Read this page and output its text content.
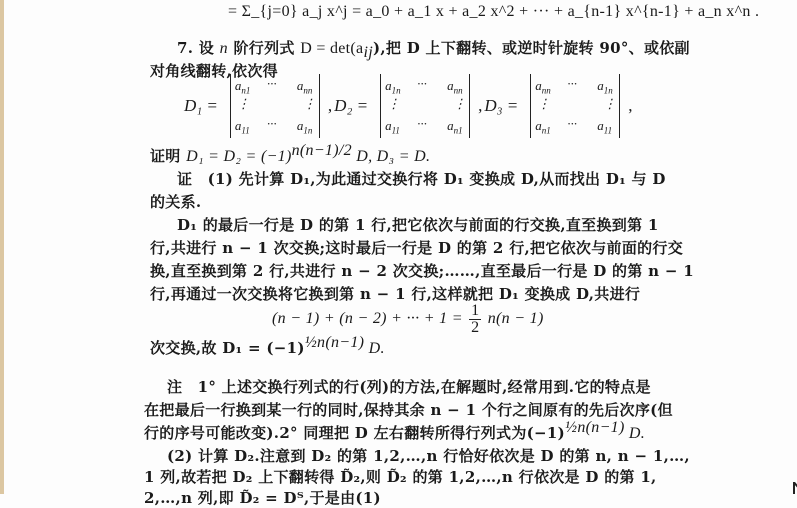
= Σ_{j=0} a_j x^j = a_0 + a_1 x + a_2 x^2 + ··· + a_{n-1} x^{n-1} + a_n x^n .
7. 设 n 阶行列式 $D = \det(a_{ij})$,把 D 上下翻转、或逆时针旋转 90°、或依副
对角线翻转,依次得
D₁ =
$a_{n1}$ ··· $a_{nn}$
⋮	⋮
$a_{11}$ ··· $a_{1n}$
, D₂ =
$a_{1n}$ ··· $a_{nn}$
⋮	⋮
$a_{11}$ ··· $a_{n1}$
, D₃ =
$a_{nn}$ ··· $a_{1n}$
⋮	⋮
$a_{n1}$ ··· $a_{11}$
,
证明 $D_1 = D_2 = (-1)^{n(n-1)/2}$ D, D₃ = D.
证　(1) 先计算 D₁,为此通过交换行将 D₁ 变换成 D,从而找出 D₁ 与 D
的关系.
D₁ 的最后一行是 D 的第 1 行,把它依次与前面的行交换,直至换到第 1
行,共进行 n − 1 次交换;这时最后一行是 D 的第 2 行,把它依次与前面的行交
换,直至换到第 2 行,共进行 n − 2 次交换;……,直至最后一行是 D 的第 n − 1
行,再通过一次交换将它换到第 n − 1 行,这样就把 D₁ 变换成 D,共进行
(n − 1) + (n − 2) + ··· + $1 = \frac{1}{2} n(n - 1)$
次交换,故 $D_1 = (-1)^{\frac{1}{2}n(n-1)}$ D.
注　1° 上述交换行列式的行(列)的方法,在解题时,经常用到.它的特点是
在把最后一行换到某一行的同时,保持其余 n − 1 个行之间原有的先后次序(但
行的序号可能改变).2° 同理把 D 左右翻转所得行列式为$(-1)^{\frac{1}{2}n(n-1)}$ D.
(2) 计算 D₂.注意到 D₂ 的第 1,2,…,n 行恰好依次是 D 的第 n, n − 1,…,
1 列,故若把 D₂ 上下翻转得 D̃₂,则 D̃₂ 的第 1,2,…,n 行依次是 D 的第 1,
2,…,n 列,即 D̃₂ = Dᵀ,于是由(1)
